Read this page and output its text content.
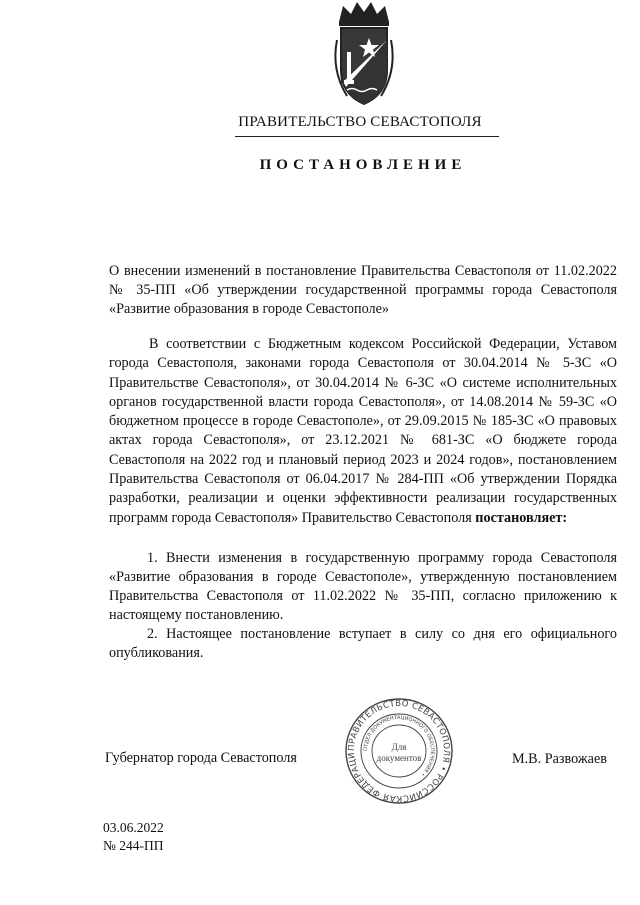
ПРАВИТЕЛЬСТВО СЕВАСТОПОЛЯ
ПОСТАНОВЛЕНИЕ
О внесении изменений в постановление Правительства Севастополя от 11.02.2022 № 35-ПП «Об утверждении государственной программы города Севастополя «Развитие образования в городе Севастополе»
В соответствии с Бюджетным кодексом Российской Федерации, Уставом города Севастополя, законами города Севастополя от 30.04.2014 № 5-ЗС «О Правительстве Севастополя», от 30.04.2014 № 6-ЗС «О системе исполнительных органов государственной власти города Севастополя», от 14.08.2014 № 59-ЗС «О бюджетном процессе в городе Севастополе», от 29.09.2015 № 185-ЗС «О правовых актах города Севастополя», от 23.12.2021 № 681-ЗС «О бюджете города Севастополя на 2022 год и плановый период 2023 и 2024 годов», постановлением Правительства Севастополя от 06.04.2017 № 284-ПП «Об утверждении Порядка разработки, реализации и оценки эффективности реализации государственных программ города Севастополя» Правительство Севастополя постановляет:
1. Внести изменения в государственную программу города Севастополя «Развитие образования в городе Севастополе», утвержденную постановлением Правительства Севастополя от 11.02.2022 № 35-ПП, согласно приложению к настоящему постановлению.
2. Настоящее постановление вступает в силу со дня его официального опубликования.
Губернатор города Севастополя
ПРАВИТЕЛЬСТВО СЕВАСТОПОЛЯ • РОССИЙСКАЯ ФЕДЕРАЦИ
ОТДЕЛ ДОКУМЕНТАЦИОННОГО ОБЕСПЕЧЕНИЯ •
Для
документов	М.В. Развожаев
03.06.2022
№ 244-ПП
